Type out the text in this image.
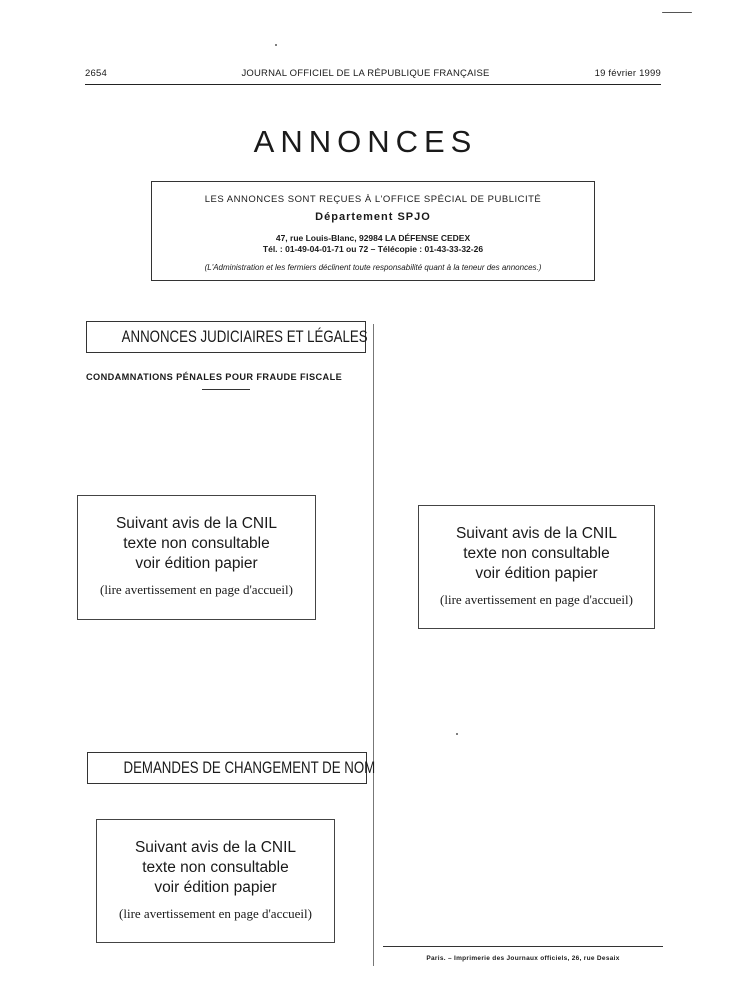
2654	JOURNAL OFFICIEL DE LA RÉPUBLIQUE FRANÇAISE	19 février 1999
ANNONCES
LES ANNONCES SONT REÇUES À L'OFFICE SPÉCIAL DE PUBLICITÉ
Département SPJO
47, rue Louis-Blanc, 92984 LA DÉFENSE CEDEX
Tél. : 01-49-04-01-71 ou 72 – Télécopie : 01-43-33-32-26
(L'Administration et les fermiers déclinent toute responsabilité quant à la teneur des annonces.)
ANNONCES JUDICIAIRES ET LÉGALES
CONDAMNATIONS PÉNALES POUR FRAUDE FISCALE
Suivant avis de la CNIL
texte non consultable
voir édition papier
(lire avertissement en page d'accueil)
Suivant avis de la CNIL
texte non consultable
voir édition papier
(lire avertissement en page d'accueil)
DEMANDES DE CHANGEMENT DE NOM
Suivant avis de la CNIL
texte non consultable
voir édition papier
(lire avertissement en page d'accueil)
Paris. – Imprimerie des Journaux officiels, 26, rue Desaix
